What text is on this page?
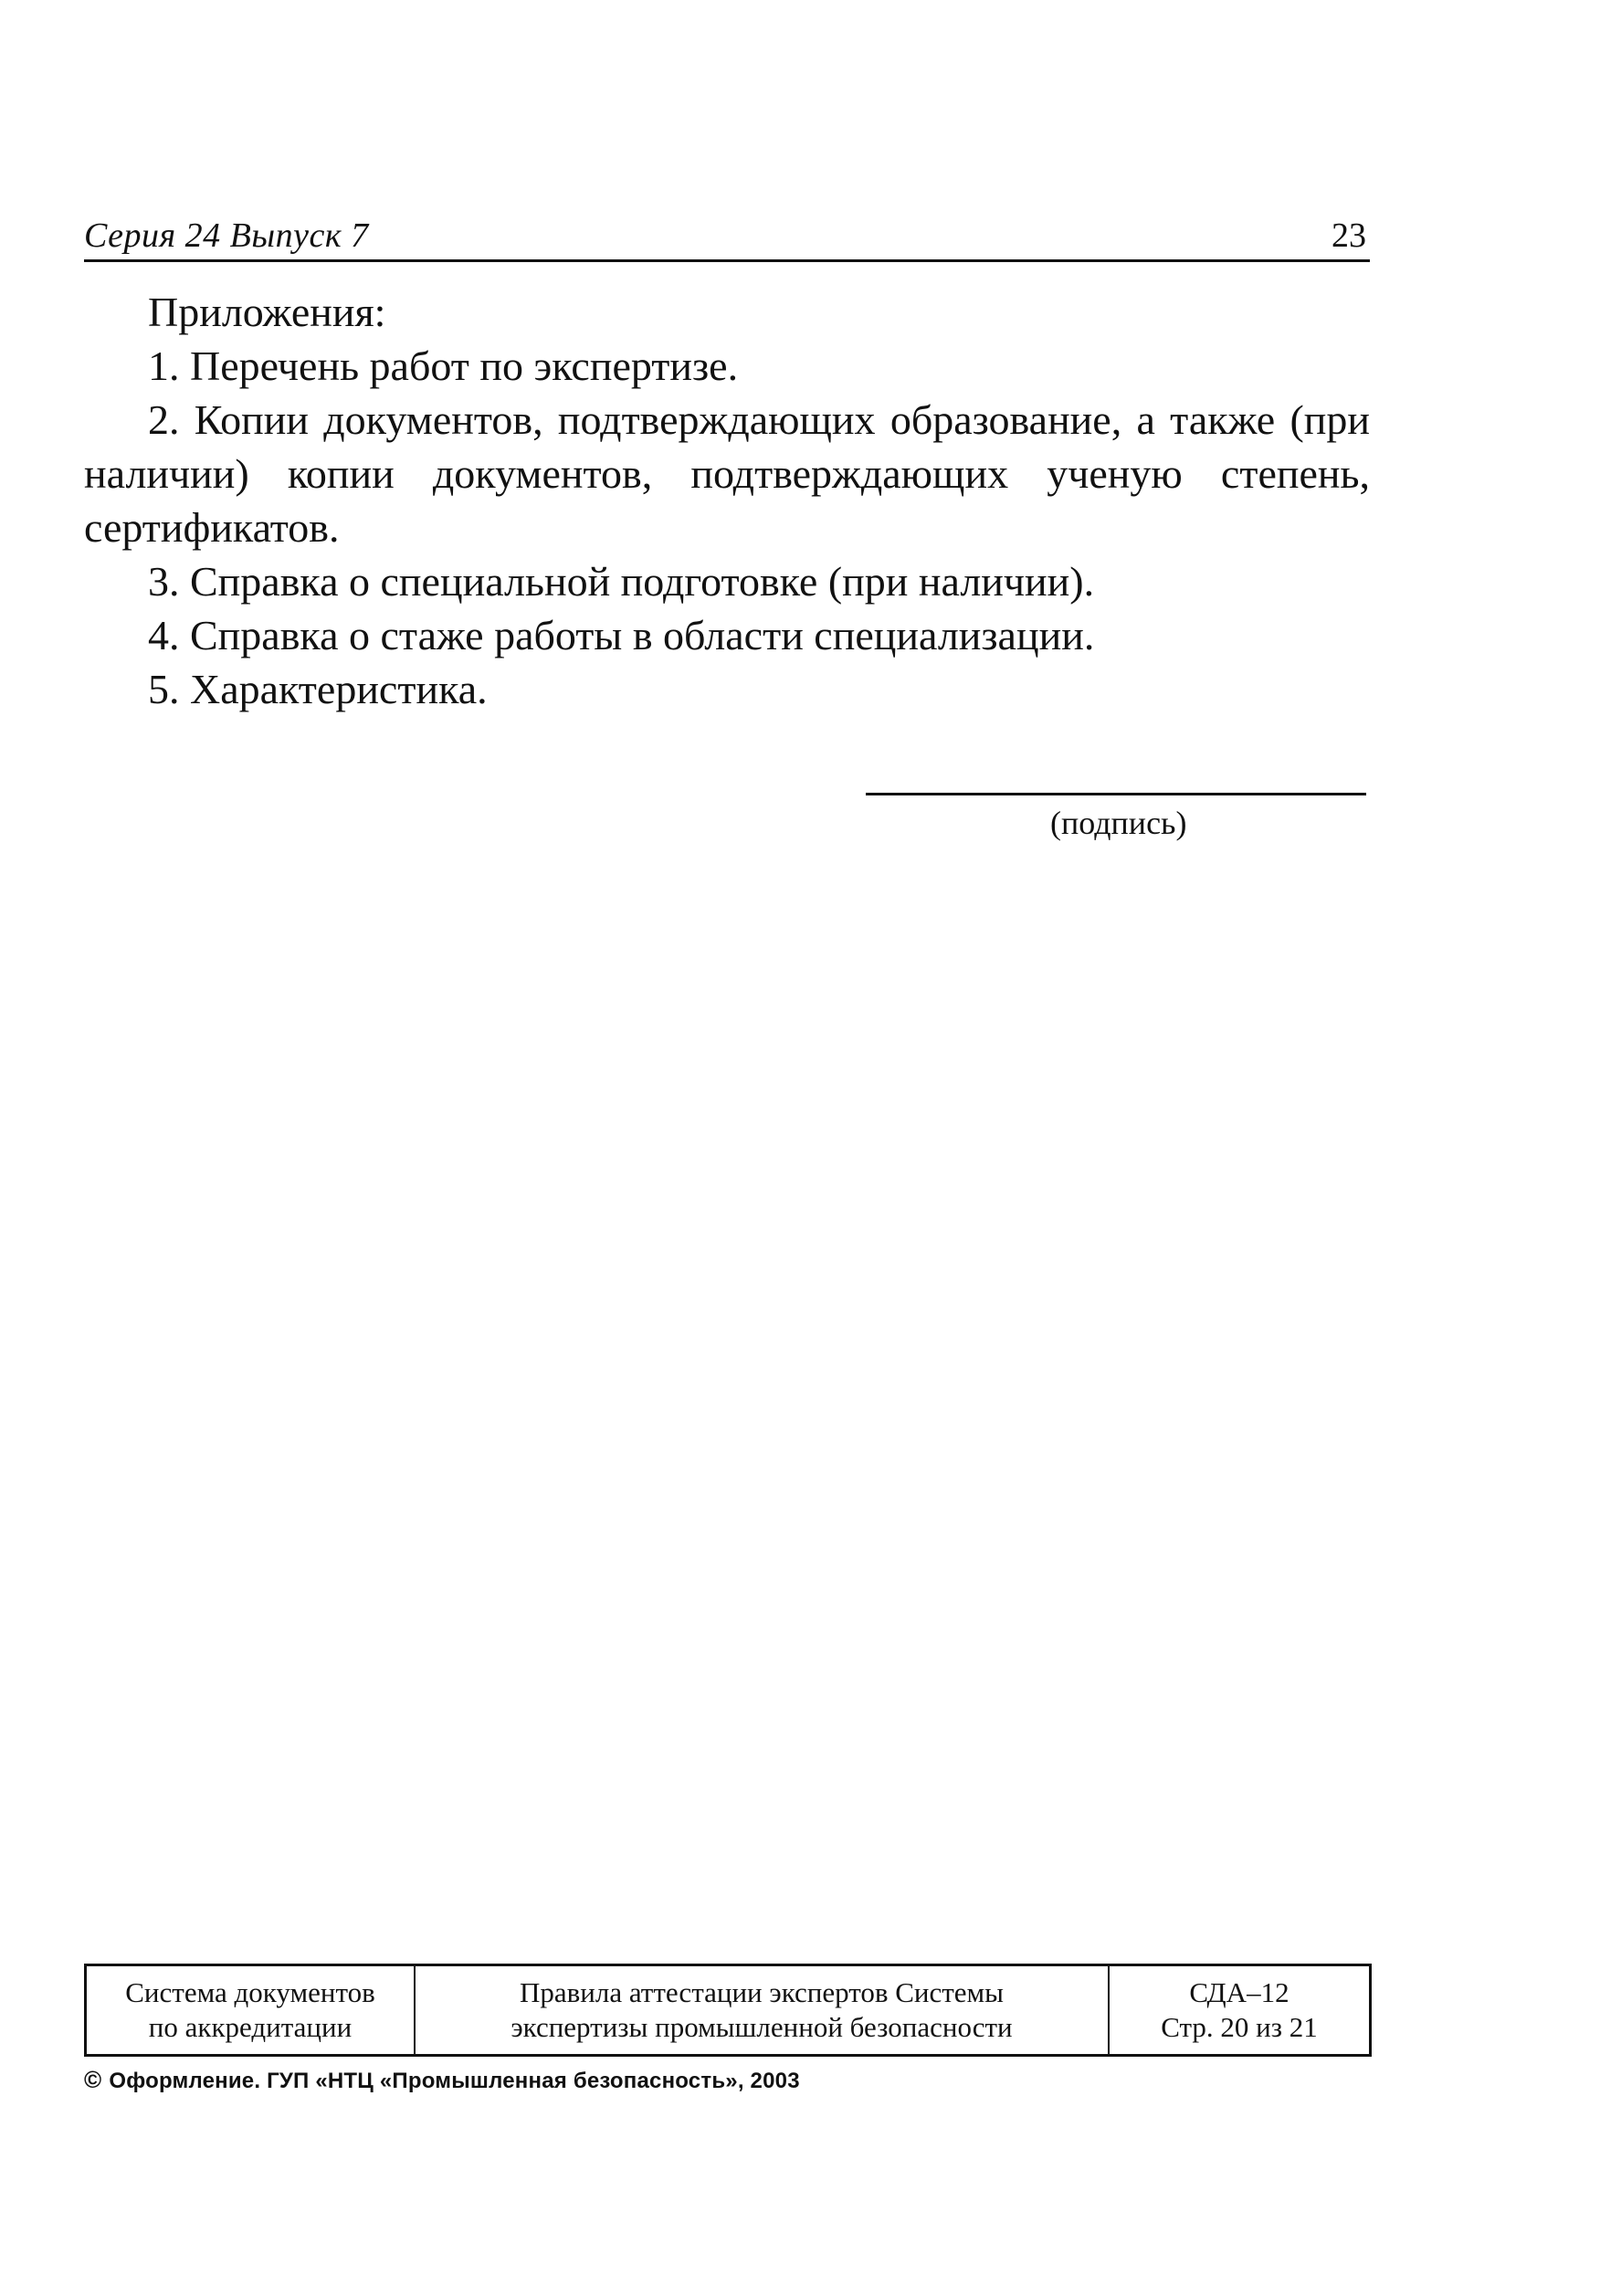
Серия 24 Выпуск 7	23

Приложения:

1. Перечень работ по экспертизе.

2. Копии документов, подтверждающих образование, а также (при наличии) копии документов, подтверждающих ученую степень, сертификатов.

3. Справка о специальной подготовке (при наличии).

4. Справка о стаже работы в области специализации.

5. Характеристика.

(подпись)
Система документов
по аккредитации
Правила аттестации экспертов Системы
экспертизы промышленной безопасности
СДА–12
Стр. 20 из 21
© Оформление. ГУП «НТЦ «Промышленная безопасность», 2003
